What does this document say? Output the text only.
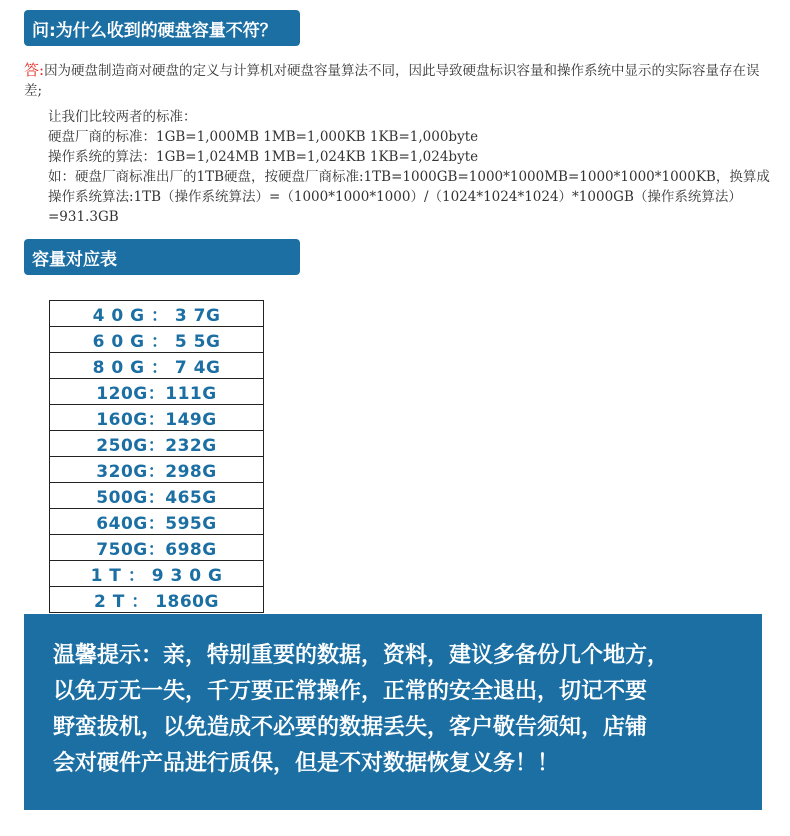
问:为什么收到的硬盘容量不符？

答:因为硬盘制造商对硬盘的定义与计算机对硬盘容量算法不同，因此导致硬盘标识容量和操作系统中显示的实际容量存在误差;

让我们比较两者的标准：

硬盘厂商的标准：1GB=1,000MB 1MB=1,000KB 1KB=1,000byte

操作系统的算法：1GB=1,024MB 1MB=1,024KB 1KB=1,024byte

如：硬盘厂商标准出厂的1TB硬盘，按硬盘厂商标准:1TB=1000GB=1000*1000MB=1000*1000*1000KB，换算成操作系统算法:1TB（操作系统算法）=（1000*1000*1000）/（1024*1024*1024）*1000GB（操作系统算法）=931.3GB

容量对应表
4 0 G ： 3 7G
6 0 G ： 5 5G
8 0 G ： 7 4G
120G：111G
160G：149G
250G：232G
320G：298G
500G：465G
640G：595G
750G：698G
1 T ： 9 3 0 G
2 T ： 1860G

温馨提示：亲，特别重要的数据，资料，建议多备份几个地方，

以免万无一失，千万要正常操作，正常的安全退出，切记不要

野蛮拔机，以免造成不必要的数据丢失，客户敬告须知，店铺

会对硬件产品进行质保，但是不对数据恢复义务！！
